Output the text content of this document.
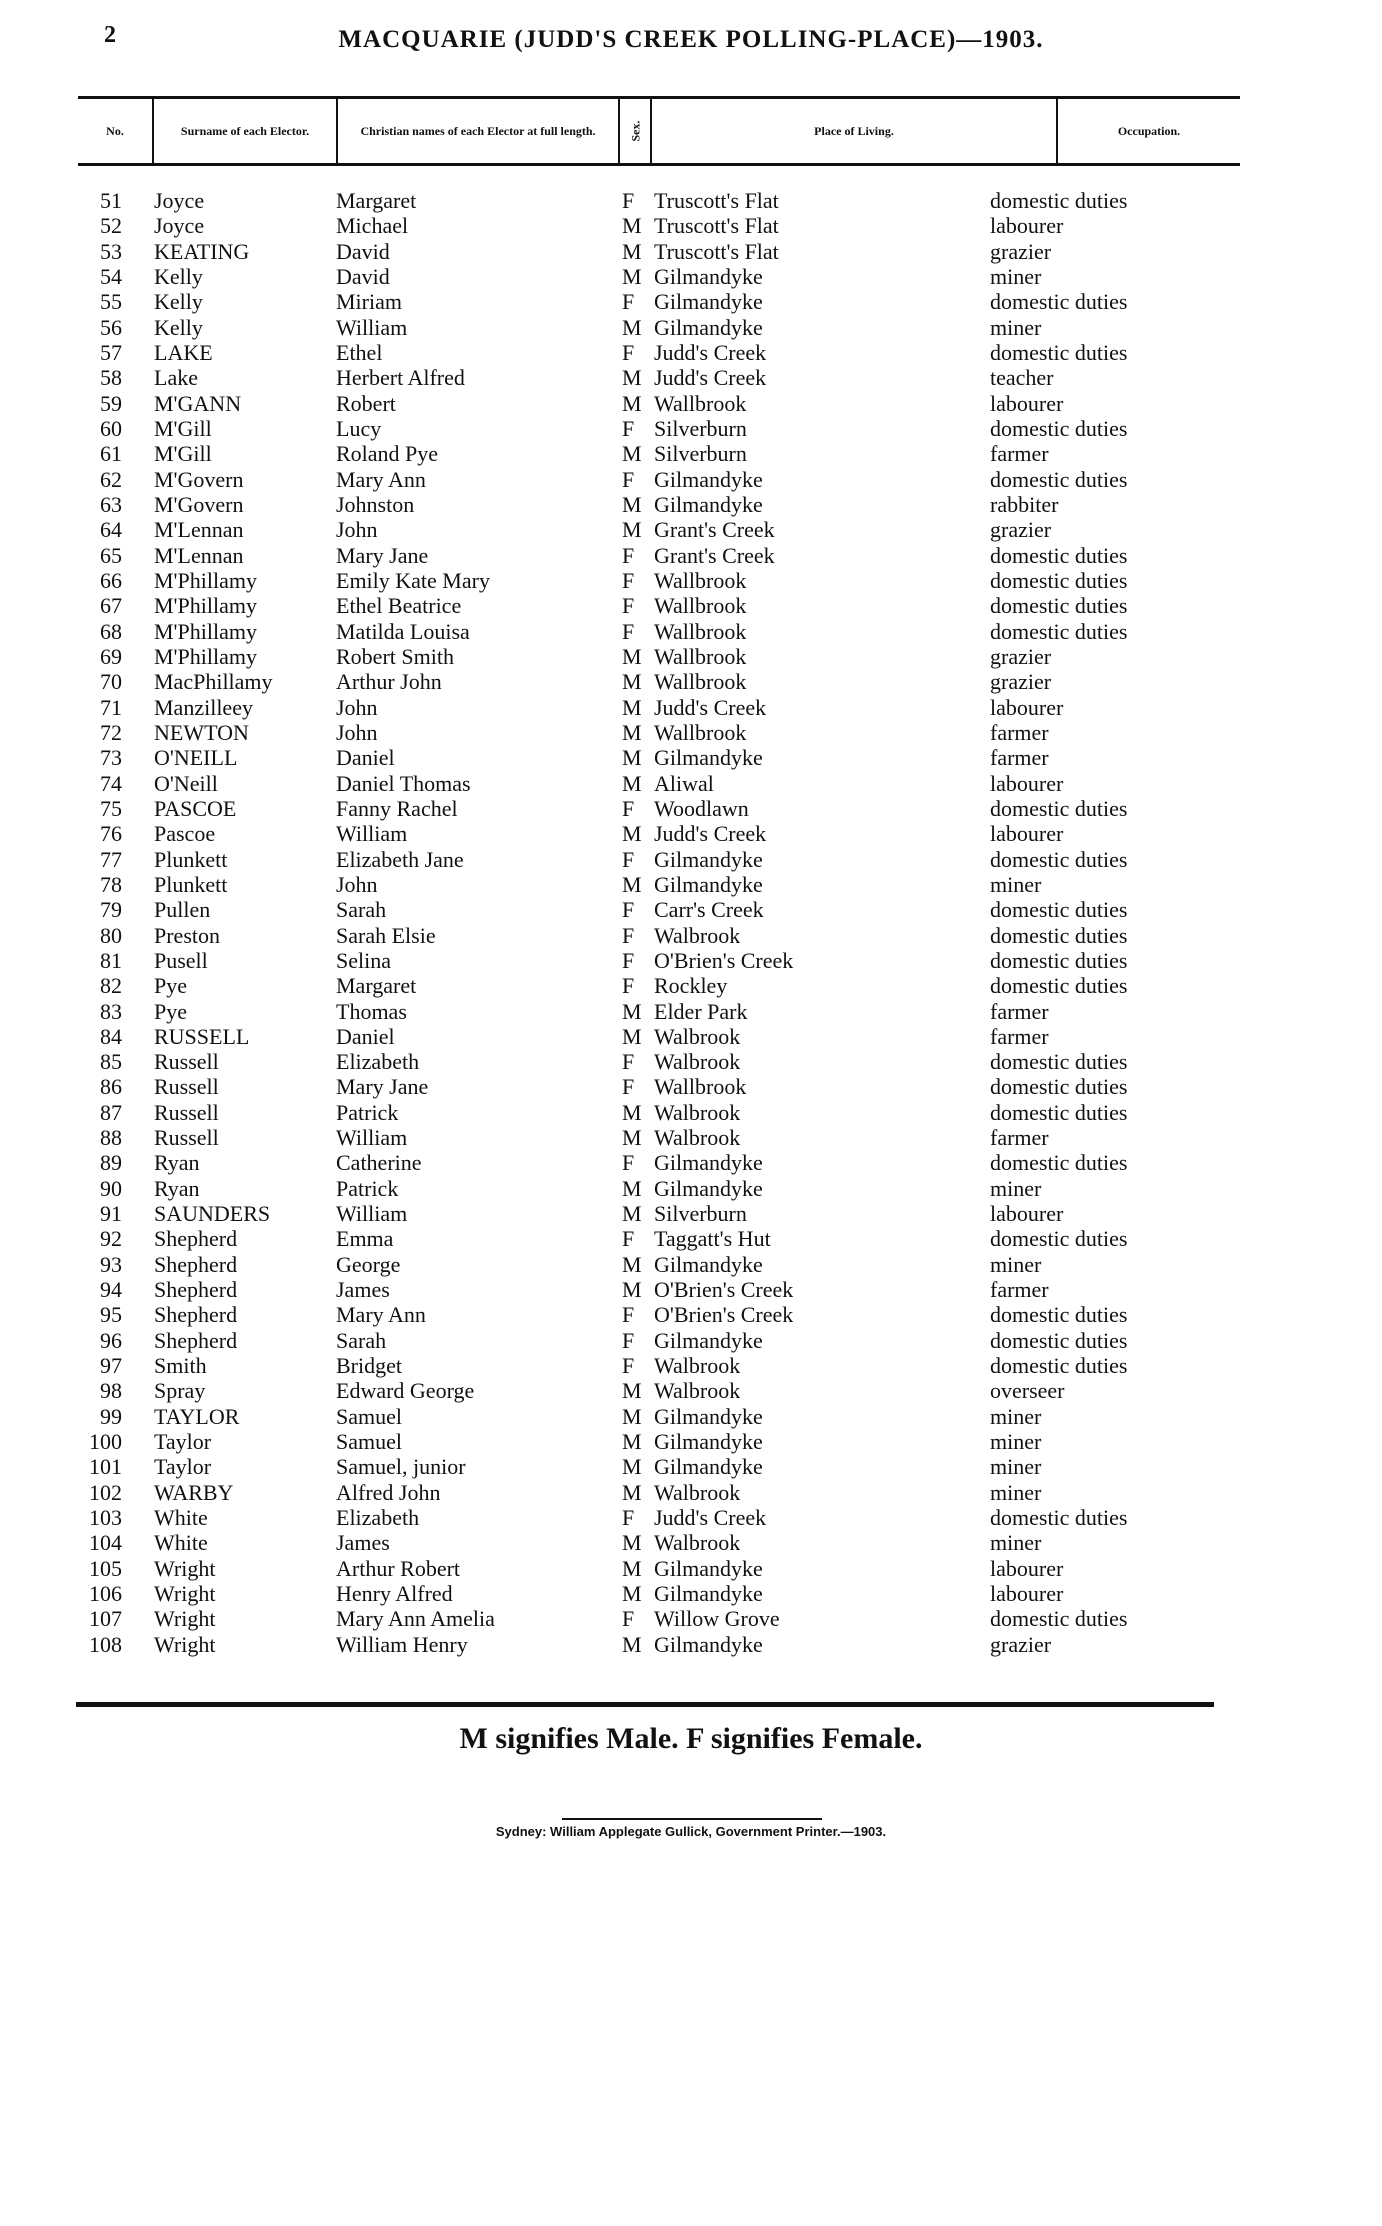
2	MACQUARIE (JUDD'S CREEK POLLING-PLACE)—1903.
No.	Surname of each Elector.	Christian names of each Elector at full length.	Sex.	Place of Living.	Occupation.
51 Joyce	Margaret	F Truscott's Flat	domestic duties
52 Joyce	Michael	M Truscott's Flat	labourer
53 KEATING	David	M Truscott's Flat	grazier
54 Kelly	David	M Gilmandyke	miner
55 Kelly	Miriam	F Gilmandyke	domestic duties
56 Kelly	William	M Gilmandyke	miner
57 LAKE	Ethel	F Judd's Creek	domestic duties
58 Lake	Herbert Alfred	M Judd's Creek	teacher
59 M'GANN	Robert	M Wallbrook	labourer
60 M'Gill	Lucy	F Silverburn	domestic duties
61 M'Gill	Roland Pye	M Silverburn	farmer
62 M'Govern	Mary Ann	F Gilmandyke	domestic duties
63 M'Govern	Johnston	M Gilmandyke	rabbiter
64 M'Lennan	John	M Grant's Creek	grazier
65 M'Lennan	Mary Jane	F Grant's Creek	domestic duties
66 M'Phillamy	Emily Kate Mary	F Wallbrook	domestic duties
67 M'Phillamy	Ethel Beatrice	F Wallbrook	domestic duties
68 M'Phillamy	Matilda Louisa	F Wallbrook	domestic duties
69 M'Phillamy	Robert Smith	M Wallbrook	grazier
70 MacPhillamy	Arthur John	M Wallbrook	grazier
71 Manzilleey	John	M Judd's Creek	labourer
72 NEWTON	John	M Wallbrook	farmer
73 O'NEILL	Daniel	M Gilmandyke	farmer
74 O'Neill	Daniel Thomas	M Aliwal	labourer
75 PASCOE	Fanny Rachel	F Woodlawn	domestic duties
76 Pascoe	William	M Judd's Creek	labourer
77 Plunkett	Elizabeth Jane	F Gilmandyke	domestic duties
78 Plunkett	John	M Gilmandyke	miner
79 Pullen	Sarah	F Carr's Creek	domestic duties
80 Preston	Sarah Elsie	F Walbrook	domestic duties
81 Pusell	Selina	F O'Brien's Creek	domestic duties
82 Pye	Margaret	F Rockley	domestic duties
83 Pye	Thomas	M Elder Park	farmer
84 RUSSELL	Daniel	M Walbrook	farmer
85 Russell	Elizabeth	F Walbrook	domestic duties
86 Russell	Mary Jane	F Wallbrook	domestic duties
87 Russell	Patrick	M Walbrook	domestic duties
88 Russell	William	M Walbrook	farmer
89 Ryan	Catherine	F Gilmandyke	domestic duties
90 Ryan	Patrick	M Gilmandyke	miner
91 SAUNDERS	William	M Silverburn	labourer
92 Shepherd	Emma	F Taggatt's Hut	domestic duties
93 Shepherd	George	M Gilmandyke	miner
94 Shepherd	James	M O'Brien's Creek	farmer
95 Shepherd	Mary Ann	F O'Brien's Creek	domestic duties
96 Shepherd	Sarah	F Gilmandyke	domestic duties
97 Smith	Bridget	F Walbrook	domestic duties
98 Spray	Edward George	M Walbrook	overseer
99 TAYLOR	Samuel	M Gilmandyke	miner
100 Taylor	Samuel	M Gilmandyke	miner
101 Taylor	Samuel, junior	M Gilmandyke	miner
102 WARBY	Alfred John	M Walbrook	miner
103 White	Elizabeth	F Judd's Creek	domestic duties
104 White	James	M Walbrook	miner
105 Wright	Arthur Robert	M Gilmandyke	labourer
106 Wright	Henry Alfred	M Gilmandyke	labourer
107 Wright	Mary Ann Amelia	F Willow Grove	domestic duties
108 Wright	William Henry	M Gilmandyke	grazier
M signifies Male. F signifies Female.
Sydney: William Applegate Gullick, Government Printer.—1903.
